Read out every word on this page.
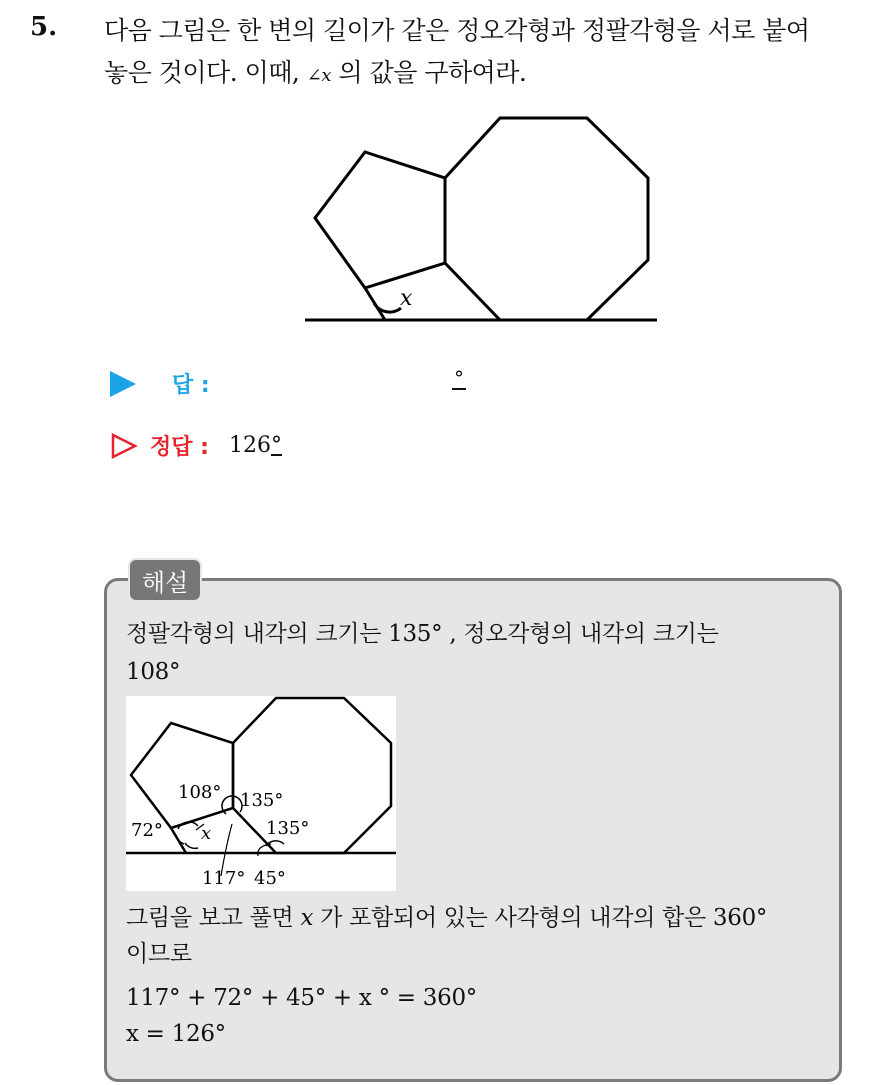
5. 다음 그림은 한 변의 길이가 같은 정오각형과 정팔각형을 서로 붙여
놓은 것이다. 이때, ∠x 의 값을 구하여라.
x
답 :	°
정답 : 126°
해설
정팔각형의 내각의 크기는 135° , 정오각형의 내각의 크기는
108°
108° 135°
72° x	135°
117° 45°
그림을 보고 풀면 x 가 포함되어 있는 사각형의 내각의 합은 360°
이므로
117° + 72° + 45° + x ° = 360°
x = 126°
